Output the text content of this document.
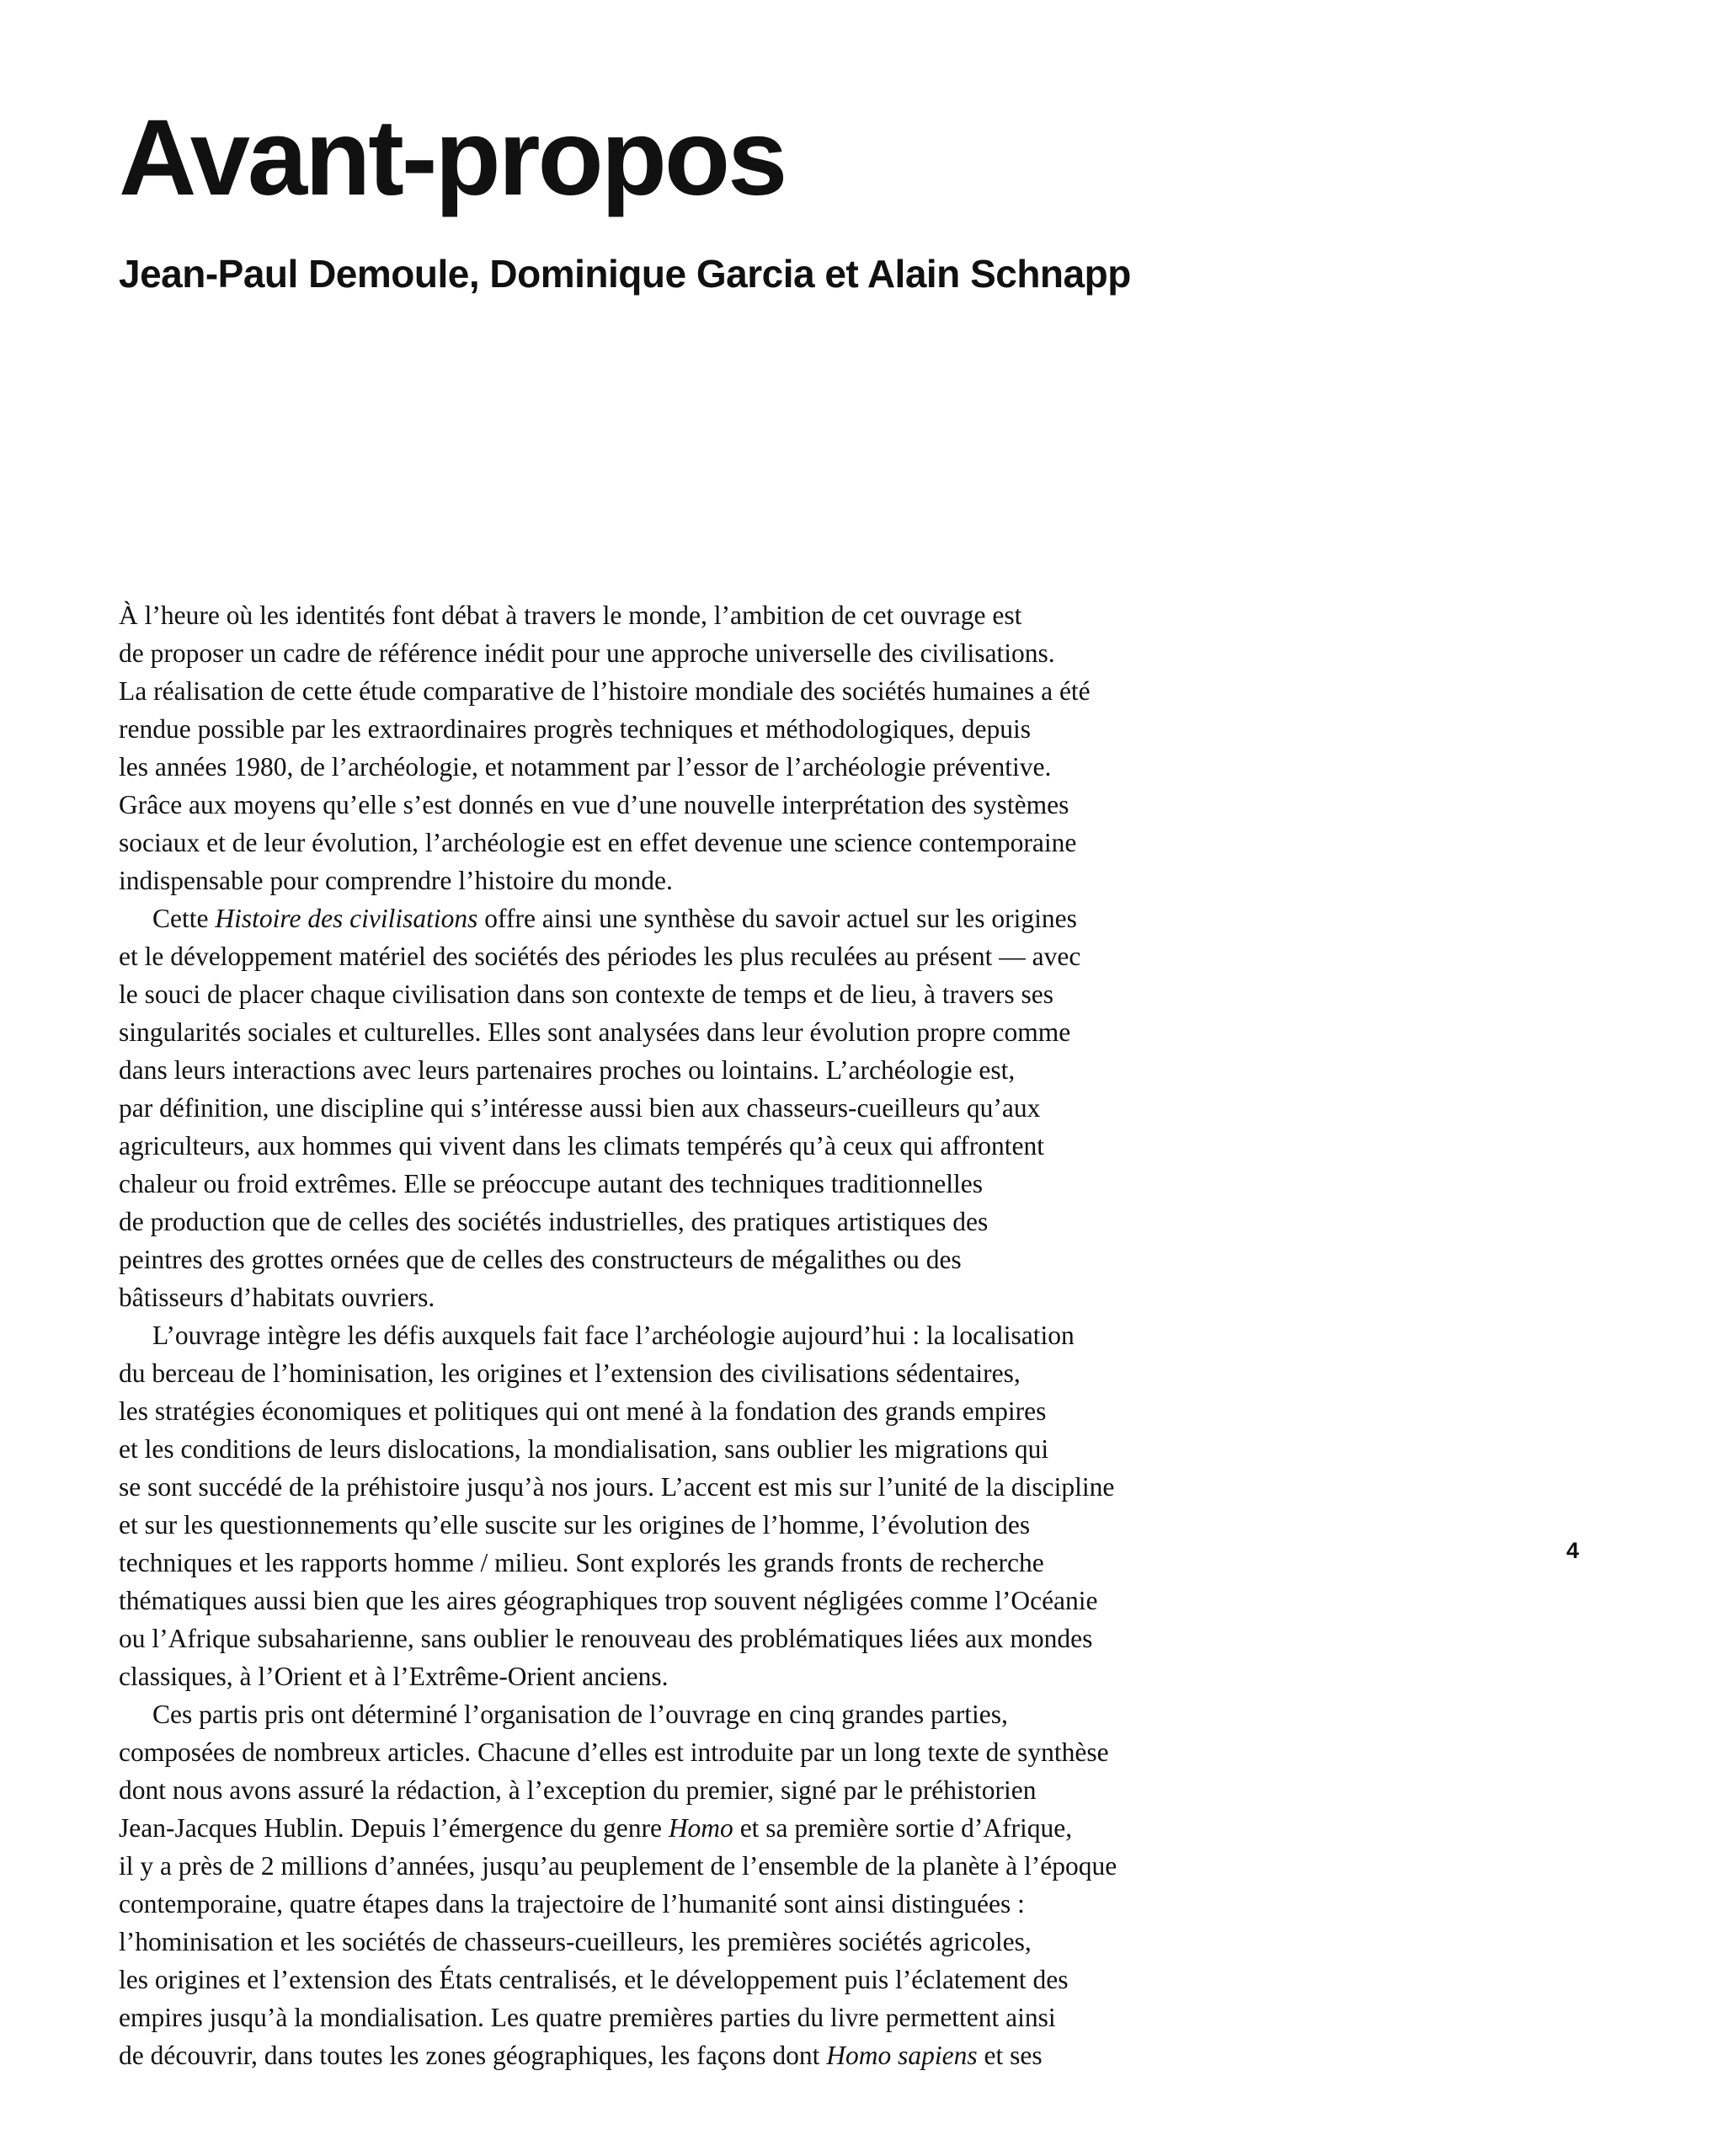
Avant-propos
Jean-Paul Demoule, Dominique Garcia et Alain Schnapp
À l’heure où les identités font débat à travers le monde, l’ambition de cet ouvrage est
de proposer un cadre de référence inédit pour une approche universelle des civilisations.
La réalisation de cette étude comparative de l’histoire mondiale des sociétés humaines a été
rendue possible par les extraordinaires progrès techniques et méthodologiques, depuis
les années 1980, de l’archéologie, et notamment par l’essor de l’archéologie préventive.
Grâce aux moyens qu’elle s’est donnés en vue d’une nouvelle interprétation des systèmes
sociaux et de leur évolution, l’archéologie est en effet devenue une science contemporaine
indispensable pour comprendre l’histoire du monde.
Cette Histoire des civilisations offre ainsi une synthèse du savoir actuel sur les origines
et le développement matériel des sociétés des périodes les plus reculées au présent — avec
le souci de placer chaque civilisation dans son contexte de temps et de lieu, à travers ses
singularités sociales et culturelles. Elles sont analysées dans leur évolution propre comme
dans leurs interactions avec leurs partenaires proches ou lointains. L’archéologie est,
par définition, une discipline qui s’intéresse aussi bien aux chasseurs-cueilleurs qu’aux
agriculteurs, aux hommes qui vivent dans les climats tempérés qu’à ceux qui affrontent
chaleur ou froid extrêmes. Elle se préoccupe autant des techniques traditionnelles
de production que de celles des sociétés industrielles, des pratiques artistiques des
peintres des grottes ornées que de celles des constructeurs de mégalithes ou des
bâtisseurs d’habitats ouvriers.
L’ouvrage intègre les défis auxquels fait face l’archéologie aujourd’hui : la localisation
du berceau de l’hominisation, les origines et l’extension des civilisations sédentaires,
les stratégies économiques et politiques qui ont mené à la fondation des grands empires
et les conditions de leurs dislocations, la mondialisation, sans oublier les migrations qui
se sont succédé de la préhistoire jusqu’à nos jours. L’accent est mis sur l’unité de la discipline
et sur les questionnements qu’elle suscite sur les origines de l’homme, l’évolution des
techniques et les rapports homme / milieu. Sont explorés les grands fronts de recherche
thématiques aussi bien que les aires géographiques trop souvent négligées comme l’Océanie
ou l’Afrique subsaharienne, sans oublier le renouveau des problématiques liées aux mondes
classiques, à l’Orient et à l’Extrême-Orient anciens.
Ces partis pris ont déterminé l’organisation de l’ouvrage en cinq grandes parties,
composées de nombreux articles. Chacune d’elles est introduite par un long texte de synthèse
dont nous avons assuré la rédaction, à l’exception du premier, signé par le préhistorien
Jean-Jacques Hublin. Depuis l’émergence du genre Homo et sa première sortie d’Afrique,
il y a près de 2 millions d’années, jusqu’au peuplement de l’ensemble de la planète à l’époque
contemporaine, quatre étapes dans la trajectoire de l’humanité sont ainsi distinguées :
l’hominisation et les sociétés de chasseurs-cueilleurs, les premières sociétés agricoles,
les origines et l’extension des États centralisés, et le développement puis l’éclatement des
empires jusqu’à la mondialisation. Les quatre premières parties du livre permettent ainsi
de découvrir, dans toutes les zones géographiques, les façons dont Homo sapiens et ses
4
